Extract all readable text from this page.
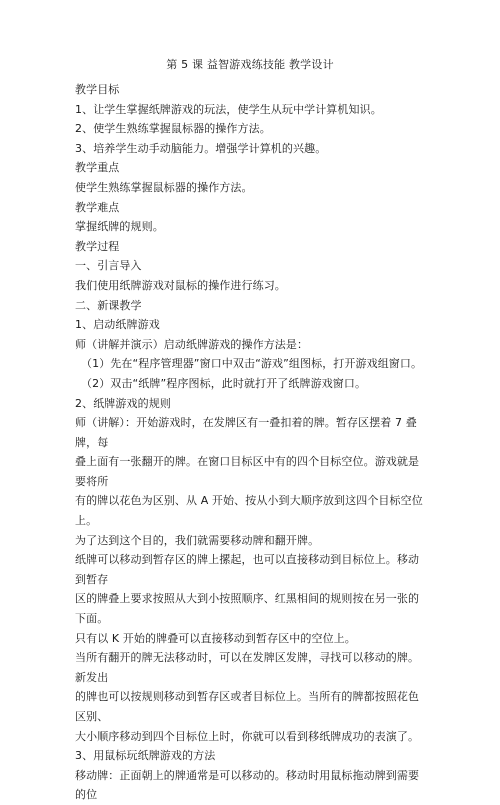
第 5 课 益智游戏练技能 教学设计

教学目标

1、让学生掌握纸牌游戏的玩法，使学生从玩中学计算机知识。

2、使学生熟练掌握鼠标器的操作方法。

3、培养学生动手动脑能力。增强学计算机的兴趣。

教学重点

使学生熟练掌握鼠标器的操作方法。

教学难点

掌握纸牌的规则。

教学过程

一、引言导入

我们使用纸牌游戏对鼠标的操作进行练习。

二、新课教学

1、启动纸牌游戏

师（讲解并演示）启动纸牌游戏的操作方法是：

（1）先在“程序管理器”窗口中双击“游戏”组图标，打开游戏组窗口。

（2）双击“纸牌”程序图标，此时就打开了纸牌游戏窗口。

2、纸牌游戏的规则

师（讲解）：开始游戏时，在发牌区有一叠扣着的牌。暂存区摆着 7 叠牌，每

叠上面有一张翻开的牌。在窗口目标区中有的四个目标空位。游戏就是要将所

有的牌以花色为区别、从 A 开始、按从小到大顺序放到这四个目标空位上。

为了达到这个目的，我们就需要移动牌和翻开牌。

纸牌可以移动到暂存区的牌上摞起，也可以直接移动到目标位上。移动到暂存

区的牌叠上要求按照从大到小按照顺序、红黑相间的规则按在另一张的下面。

只有以 K 开始的牌叠可以直接移动到暂存区中的空位上。

当所有翻开的牌无法移动时，可以在发牌区发牌，寻找可以移动的牌。新发出

的牌也可以按规则移动到暂存区或者目标位上。当所有的牌都按照花色区别、

大小顺序移动到四个目标位上时，你就可以看到移纸牌成功的表演了。

3、用鼠标玩纸牌游戏的方法

移动牌：正面朝上的牌通常是可以移动的。移动时用鼠标拖动牌到需要的位
